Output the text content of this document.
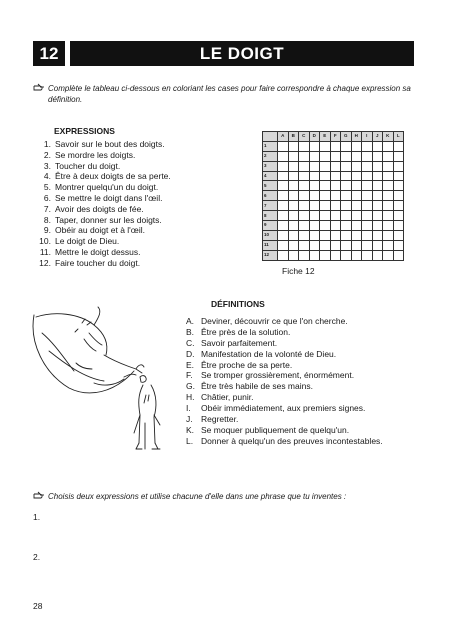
12	LE DOIGT
Complète le tableau ci-dessous en coloriant les cases pour faire correspondre à chaque expression sa définition.
EXPRESSIONS
1. Savoir sur le bout des doigts.
2. Se mordre les doigts.
3. Toucher du doigt.
4. Être à deux doigts de sa perte.
5. Montrer quelqu'un du doigt.
6. Se mettre le doigt dans l'œil.
7. Avoir des doigts de fée.
8. Taper, donner sur les doigts.
9. Obéir au doigt et à l'œil.
10. Le doigt de Dieu.
11. Mettre le doigt dessus.
12. Faire toucher du doigt.
	A	B	C	D	E	F	G	H	I	J	K	L
1												
2												
3												
4												
5												
6												
7												
8												
9												
10												
11												
12												
Fiche 12
DÉFINITIONS
A. Deviner, découvrir ce que l'on cherche.
B. Être près de la solution.
C. Savoir parfaitement.
D. Manifestation de la volonté de Dieu.
E. Être proche de sa perte.
F. Se tromper grossièrement, énormément.
G. Être très habile de ses mains.
H. Châtier, punir.
I.	Obéir immédiatement, aux premiers signes.
J. Regretter.
K. Se moquer publiquement de quelqu'un.
L. Donner à quelqu'un des preuves incontestables.
Choisis deux expressions et utilise chacune d'elle dans une phrase que tu inventes :
1.
2.
28
